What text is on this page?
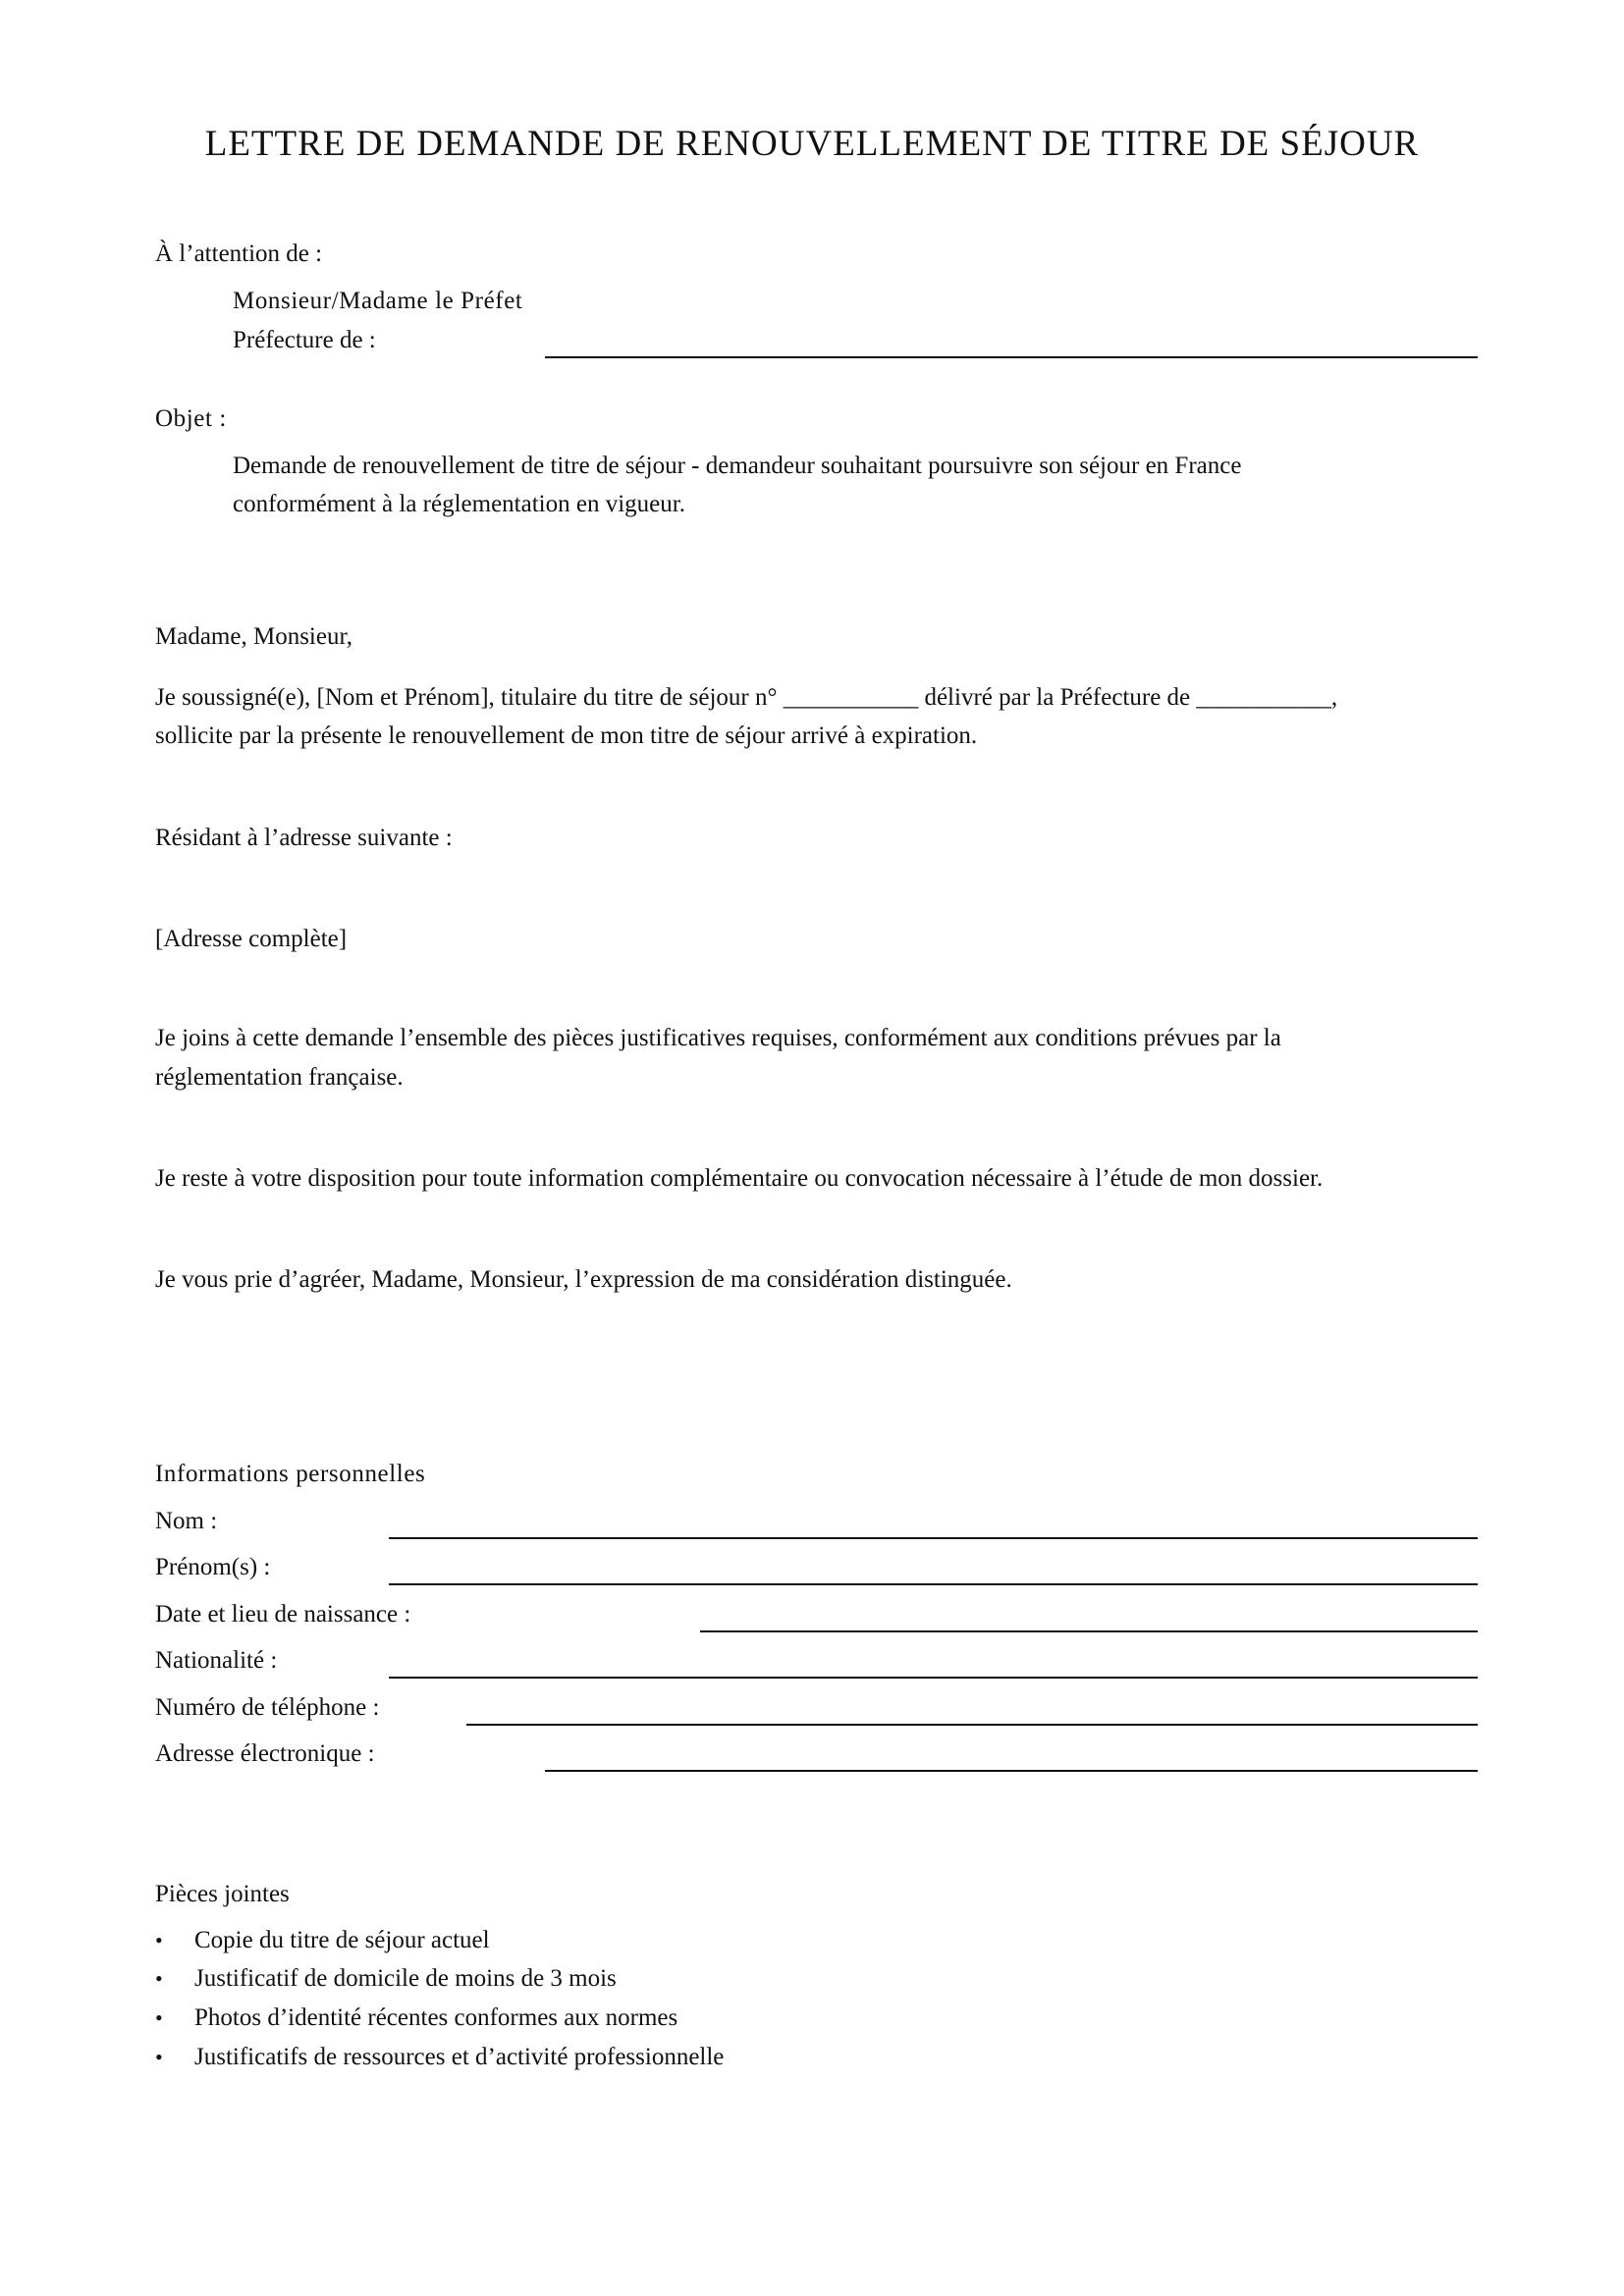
LETTRE DE DEMANDE DE RENOUVELLEMENT DE TITRE DE SÉJOUR
À l’attention de :
Monsieur/Madame le Préfet
Préfecture de :
Objet :
Demande de renouvellement de titre de séjour - demandeur souhaitant poursuivre son séjour en France
conformément à la réglementation en vigueur.
Madame, Monsieur,
Je soussigné(e), [Nom et Prénom], titulaire du titre de séjour n° ___________ délivré par la Préfecture de ___________,
sollicite par la présente le renouvellement de mon titre de séjour arrivé à expiration.
Résidant à l’adresse suivante :
[Adresse complète]
Je joins à cette demande l’ensemble des pièces justificatives requises, conformément aux conditions prévues par la
réglementation française.
Je reste à votre disposition pour toute information complémentaire ou convocation nécessaire à l’étude de mon dossier.
Je vous prie d’agréer, Madame, Monsieur, l’expression de ma considération distinguée.
Informations personnelles
Nom :
Prénom(s) :
Date et lieu de naissance :
Nationalité :
Numéro de téléphone :
Adresse électronique :
Pièces jointes
• Copie du titre de séjour actuel
• Justificatif de domicile de moins de 3 mois
• Photos d’identité récentes conformes aux normes
• Justificatifs de ressources et d’activité professionnelle
